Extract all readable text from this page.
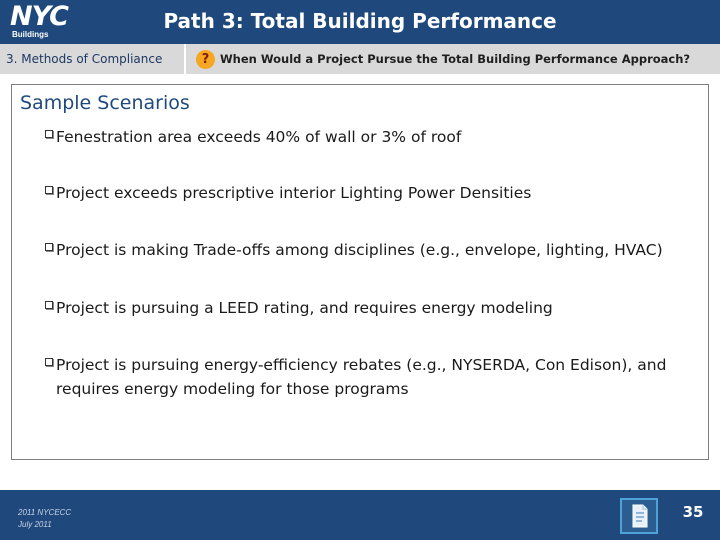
NYC
Buildings
Path 3: Total Building Performance
3. Methods of Compliance	? When Would a Project Pursue the Total Building Performance Approach?
Sample Scenarios
Fenestration area exceeds 40% of wall or 3% of roof
Project exceeds prescriptive interior Lighting Power Densities
Project is making Trade-offs among disciplines (e.g., envelope, lighting, HVAC)
Project is pursuing a LEED rating, and requires energy modeling
Project is pursuing energy-efficiency rebates (e.g., NYSERDA, Con Edison), and requires energy modeling for those programs
2011 NYCECC
July 2011
35
